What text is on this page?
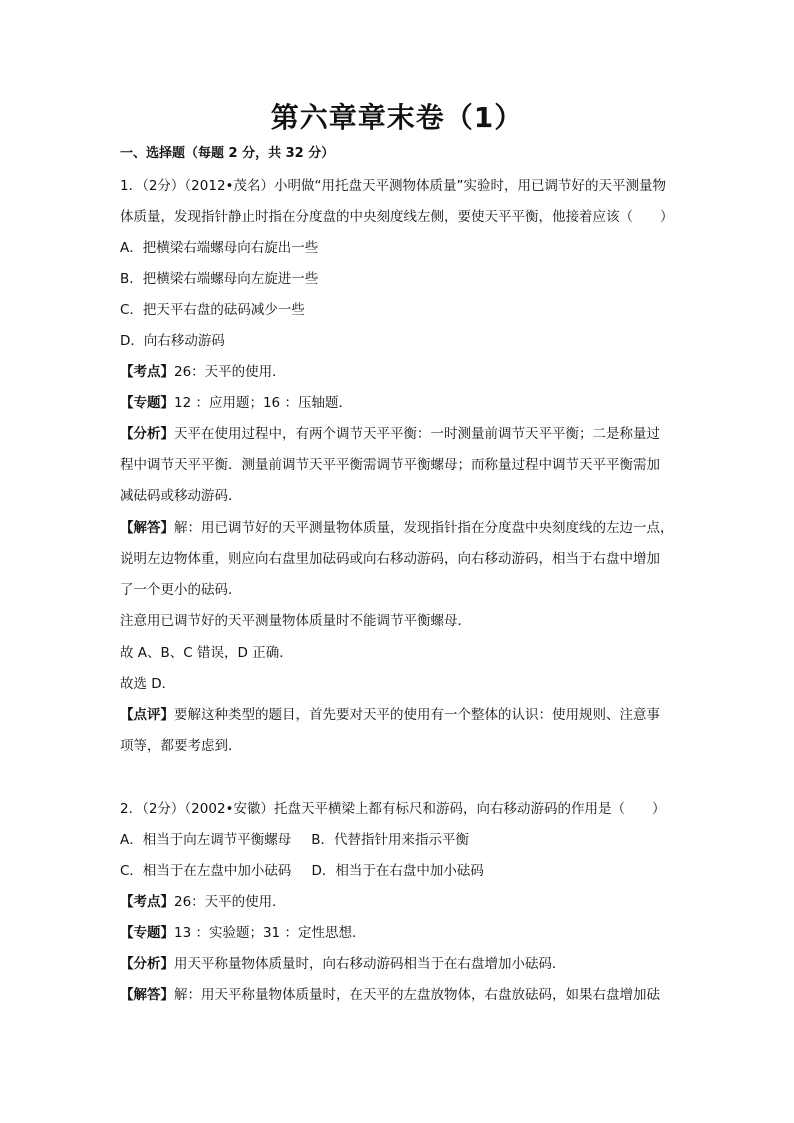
第六章章末卷（1）
一、选择题（每题 2 分，共 32 分）
1．（2分）（2012•茂名）小明做“用托盘天平测物体质量”实验时，用已调节好的天平测量物
体质量，发现指针静止时指在分度盘的中央刻度线左侧，要使天平平衡，他接着应该（　　）
A．把横梁右端螺母向右旋出一些
B．把横梁右端螺母向左旋进一些
C．把天平右盘的砝码减少一些
D．向右移动游码
【考点】26：天平的使用．
【专题】12 ：应用题；16 ：压轴题．
【分析】天平在使用过程中，有两个调节天平平衡：一时测量前调节天平平衡；二是称量过
程中调节天平平衡．测量前调节天平平衡需调节平衡螺母；而称量过程中调节天平平衡需加
减砝码或移动游码．
【解答】解：用已调节好的天平测量物体质量，发现指针指在分度盘中央刻度线的左边一点，
说明左边物体重，则应向右盘里加砝码或向右移动游码，向右移动游码，相当于右盘中增加
了一个更小的砝码．
注意用已调节好的天平测量物体质量时不能调节平衡螺母．
故 A、B、C 错误，D 正确．
故选 D．
【点评】要解这种类型的题目，首先要对天平的使用有一个整体的认识：使用规则、注意事
项等，都要考虑到．
2．（2分）（2002•安徽）托盘天平横梁上都有标尺和游码，向右移动游码的作用是（　　）
A．相当于向左调节平衡螺母 B．代替指针用来指示平衡
C．相当于在左盘中加小砝码 D．相当于在右盘中加小砝码
【考点】26：天平的使用．
【专题】13 ：实验题；31 ：定性思想．
【分析】用天平称量物体质量时，向右移动游码相当于在右盘增加小砝码．
【解答】解：用天平称量物体质量时，在天平的左盘放物体，右盘放砝码，如果右盘增加砝
